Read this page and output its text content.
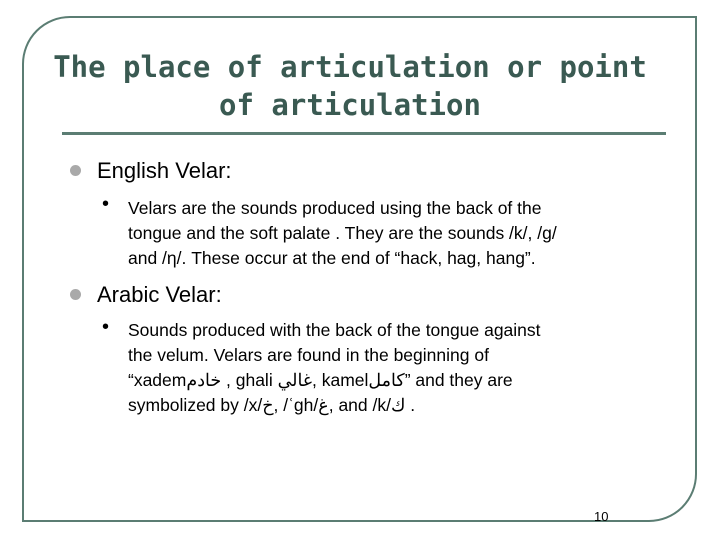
The place of articulation or point
of articulation
English Velar:
• Velars are the sounds produced using the back of the
tongue and the soft palate . They are the sounds /k/, /g/
and /η/. These occur at the end of “hack, hag, hang”.
Arabic Velar:
• Sounds produced with the back of the tongue against
the velum. Velars are found in the beginning of
“xademخادم , ghali غالي, kamelكامل” and they are
symbolized by /x/خ, /ʿgh/غ, and /k/ك .
10
